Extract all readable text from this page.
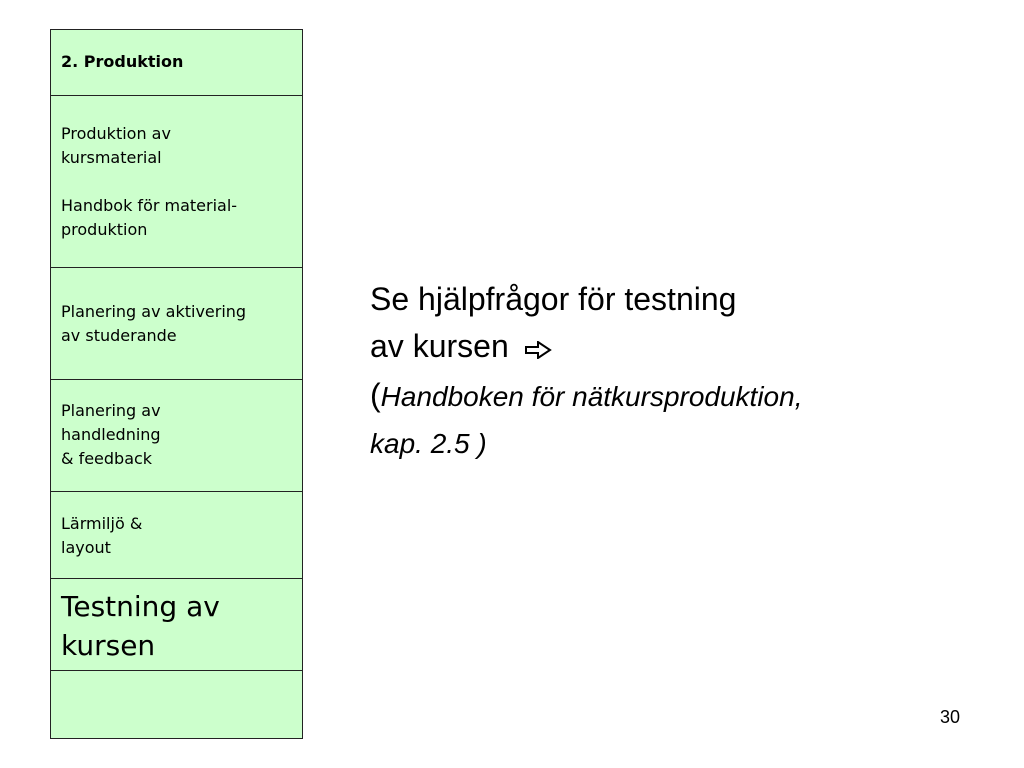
2. Produktion
Produktion av
kursmaterial
Handbok för material-
produktion
Planering av aktivering
av studerande
Planering av
handledning
& feedback
Lärmiljö &
layout
Testning av
kursen
Se hjälpfrågor för testning
av kursen
(Handboken för nätkursproduktion,
kap. 2.5 )
30
